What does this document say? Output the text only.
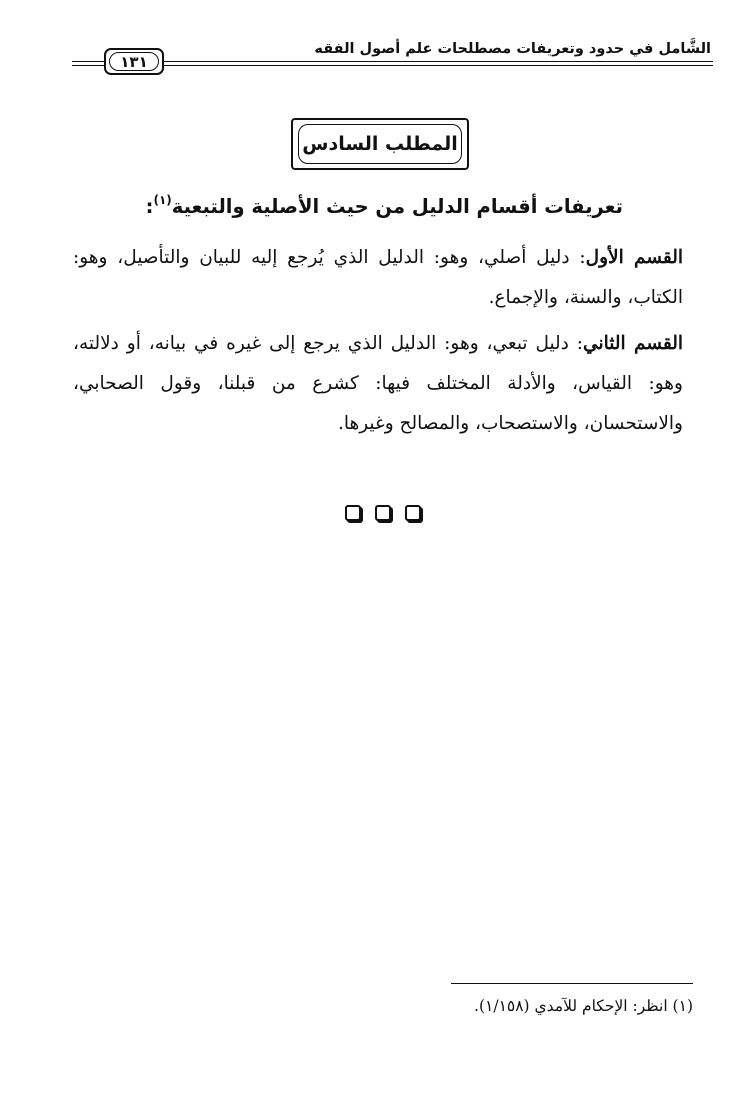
الشَّامل في حدود وتعريفات مصطلحات علم أصول الفقه
١٣١
المطلب السادس
تعريفات أقسام الدليل من حيث الأصلية والتبعية$^{(١)}$:

القسم الأول: دليل أصلي، وهو: الدليل الذي يُرجع إليه للبيان والتأصيل، وهو: الكتاب، والسنة، والإجماع.

القسم الثاني: دليل تبعي، وهو: الدليل الذي يرجع إلى غيره في بيانه، أو دلالته، وهو: القياس، والأدلة المختلف فيها: كشرع من قبلنا، وقول الصحابي، والاستحسان، والاستصحاب، والمصالح وغيرها.

(١) انظر: الإحكام للآمدي (١/١٥٨).
